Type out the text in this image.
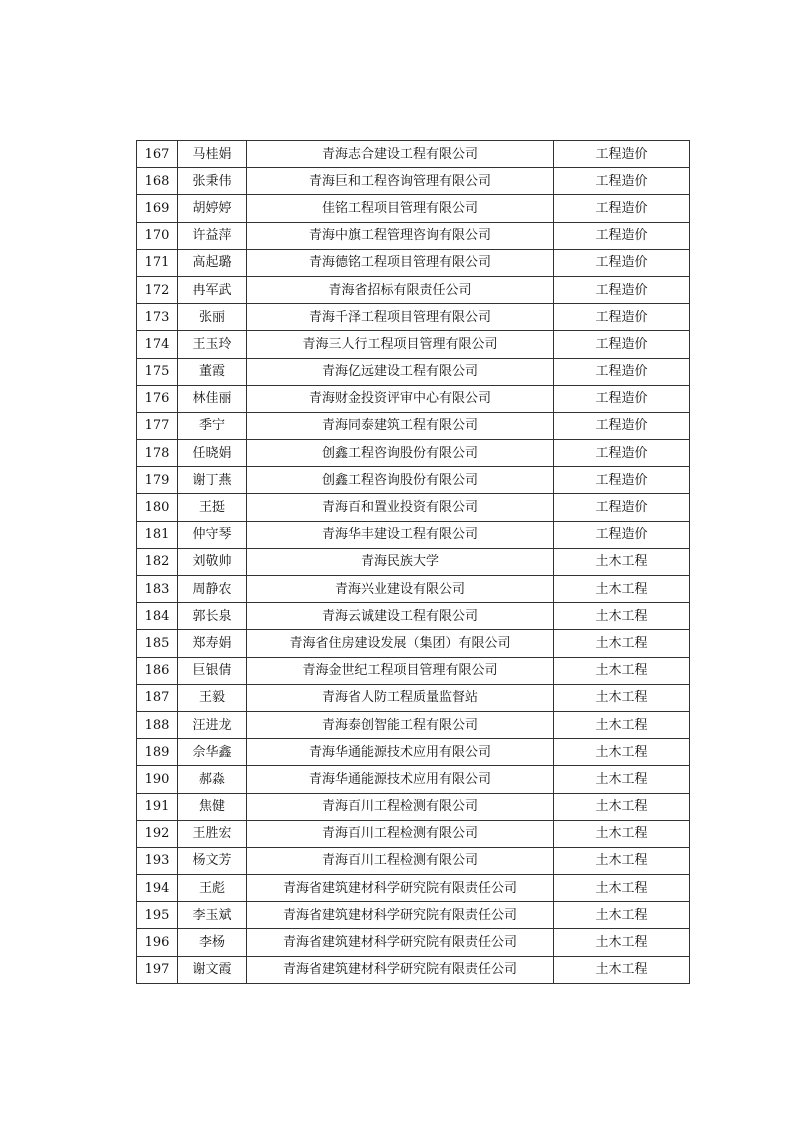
167	马桂娟	青海志合建设工程有限公司	工程造价
168	张秉伟	青海巨和工程咨询管理有限公司	工程造价
169	胡婷婷	佳铭工程项目管理有限公司	工程造价
170	许益萍	青海中旗工程管理咨询有限公司	工程造价
171	高起璐	青海德铭工程项目管理有限公司	工程造价
172	冉军武	青海省招标有限责任公司	工程造价
173	张丽	青海千泽工程项目管理有限公司	工程造价
174	王玉玲	青海三人行工程项目管理有限公司	工程造价
175	董霞	青海亿远建设工程有限公司	工程造价
176	林佳丽	青海财金投资评审中心有限公司	工程造价
177	季宁	青海同泰建筑工程有限公司	工程造价
178	任晓娟	创鑫工程咨询股份有限公司	工程造价
179	谢丁燕	创鑫工程咨询股份有限公司	工程造价
180	王挺	青海百和置业投资有限公司	工程造价
181	仲守琴	青海华丰建设工程有限公司	工程造价
182	刘敬帅	青海民族大学	土木工程
183	周静农	青海兴业建设有限公司	土木工程
184	郭长泉	青海云诚建设工程有限公司	土木工程
185	郑寿娟	青海省住房建设发展（集团）有限公司	土木工程
186	巨银倩	青海金世纪工程项目管理有限公司	土木工程
187	王毅	青海省人防工程质量监督站	土木工程
188	汪进龙	青海泰创智能工程有限公司	土木工程
189	佘华鑫	青海华通能源技术应用有限公司	土木工程
190	郝淼	青海华通能源技术应用有限公司	土木工程
191	焦健	青海百川工程检测有限公司	土木工程
192	王胜宏	青海百川工程检测有限公司	土木工程
193	杨文芳	青海百川工程检测有限公司	土木工程
194	王彪	青海省建筑建材科学研究院有限责任公司	土木工程
195	李玉斌	青海省建筑建材科学研究院有限责任公司	土木工程
196	李杨	青海省建筑建材科学研究院有限责任公司	土木工程
197	谢文霞	青海省建筑建材科学研究院有限责任公司	土木工程
